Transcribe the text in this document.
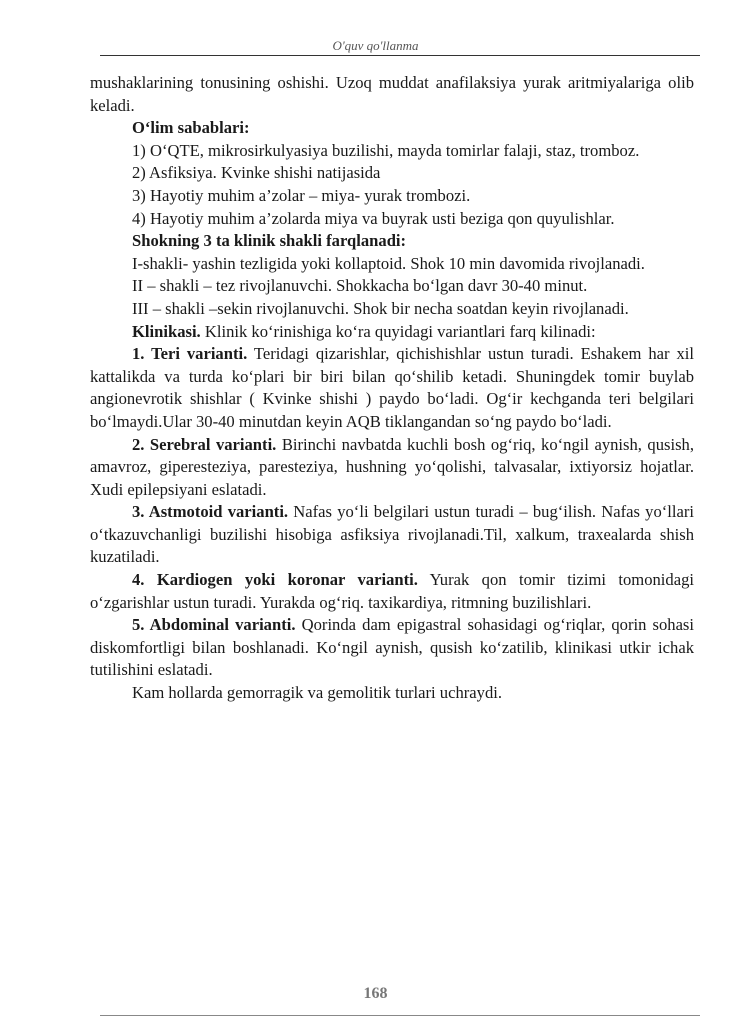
O'quv qo'llanma

mushaklarining tonusining oshishi. Uzoq muddat anafilaksiya yurak aritmiyalariga olib keladi.

O‘lim sabablari:

1) O‘QTE, mikrosirkulyasiya buzilishi, mayda tomirlar falaji, staz, tromboz.

2) Asfiksiya. Kvinke shishi natijasida

3) Hayotiy muhim a’zolar – miya- yurak trombozi.

4) Hayotiy muhim a’zolarda miya va buyrak usti beziga qon quyulishlar.

Shokning 3 ta klinik shakli farqlanadi:

I-shakli- yashin tezligida yoki kollaptoid. Shok 10 min davomida rivojlanadi.

II – shakli – tez rivojlanuvchi. Shokkacha bo‘lgan davr 30-40 minut.

III – shakli –sekin rivojlanuvchi. Shok bir necha soatdan keyin rivojlanadi.

Klinikasi. Klinik ko‘rinishiga ko‘ra quyidagi variantlari farq kilinadi:

1. Teri varianti. Teridagi qizarishlar, qichishishlar ustun turadi. Eshakem har xil kattalikda va turda ko‘plari bir biri bilan qo‘shilib ketadi. Shuningdek tomir buylab angionevrotik shishlar ( Kvinke shishi ) paydo bo‘ladi. Og‘ir kechganda teri belgilari bo‘lmaydi.Ular 30-40 minutdan keyin AQB tiklangandan so‘ng paydo bo‘ladi.

2. Serebral varianti. Birinchi navbatda kuchli bosh og‘riq, ko‘ngil aynish, qusish, amavroz, giperesteziya, paresteziya, hushning yo‘qolishi, talvasalar, ixtiyorsiz hojatlar. Xudi epilepsiyani eslatadi.

3. Astmotoid varianti. Nafas yo‘li belgilari ustun turadi – bug‘ilish. Nafas yo‘llari o‘tkazuvchanligi buzilishi hisobiga asfiksiya rivojlanadi.Til, xalkum, traxealarda shish kuzatiladi.

4. Kardiogen yoki koronar varianti. Yurak qon tomir tizimi tomonidagi o‘zgarishlar ustun turadi. Yurakda og‘riq. taxikardiya, ritmning buzilishlari.

5. Abdominal varianti. Qorinda dam epigastral sohasidagi og‘riqlar, qorin sohasi diskomfortligi bilan boshlanadi. Ko‘ngil aynish, qusish ko‘zatilib, klinikasi utkir ichak tutilishini eslatadi.

Kam hollarda gemorragik va gemolitik turlari uchraydi.

168
